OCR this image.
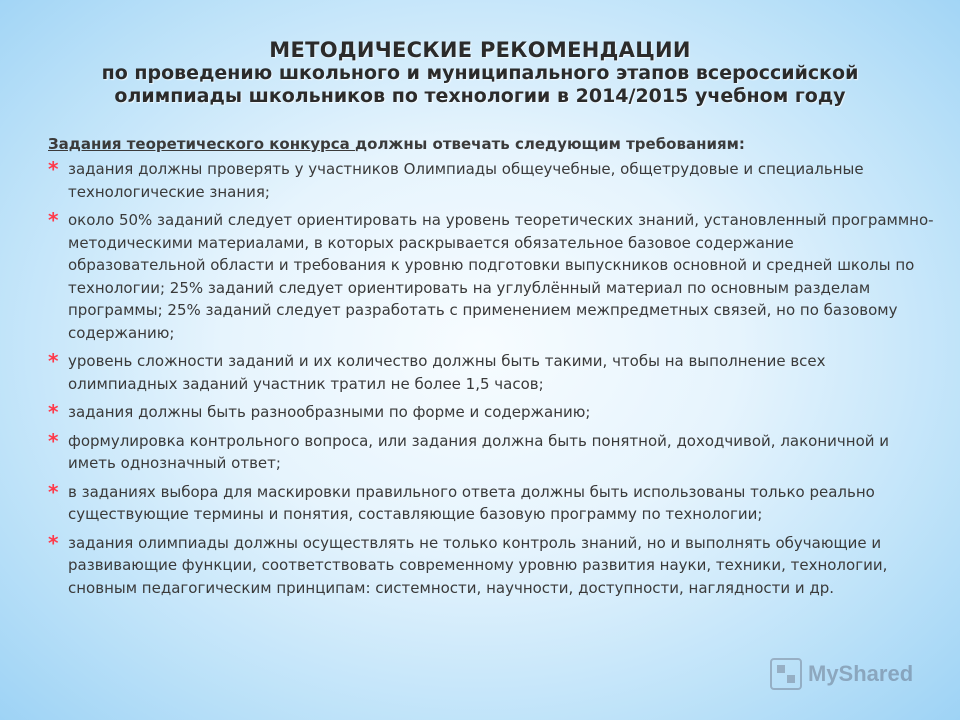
МЕТОДИЧЕСКИЕ РЕКОМЕНДАЦИИ
по проведению школьного и муниципального этапов всероссийской
олимпиады школьников по технологии в 2014/2015 учебном году
Задания теоретического конкурса должны отвечать следующим требованиям:
* задания должны проверять у участников Олимпиады общеучебные, общетрудовые и специальные технологические знания;
* около 50% заданий следует ориентировать на уровень теоретических знаний, установленный программно-методическими материалами, в которых раскрывается обязательное базовое содержание образовательной области и требования к уровню подготовки выпускников основной и средней школы по технологии; 25% заданий следует ориентировать на углублённый материал по основным разделам программы; 25% заданий следует разработать с применением межпредметных связей, но по базовому содержанию;
* уровень сложности заданий и их количество должны быть такими, чтобы на выполнение всех олимпиадных заданий участник тратил не более 1,5 часов;
* задания должны быть разнообразными по форме и содержанию;
* формулировка контрольного вопроса, или задания должна быть понятной, доходчивой, лаконичной и иметь однозначный ответ;
* в заданиях выбора для маскировки правильного ответа должны быть использованы только реально существующие термины и понятия, составляющие базовую программу по технологии;
* задания олимпиады должны осуществлять не только контроль знаний, но и выполнять обучающие и развивающие функции, соответствовать современному уровню развития науки, техники, технологии, сновным педагогическим принципам: системности, научности, доступности, наглядности и др.
MyShared
